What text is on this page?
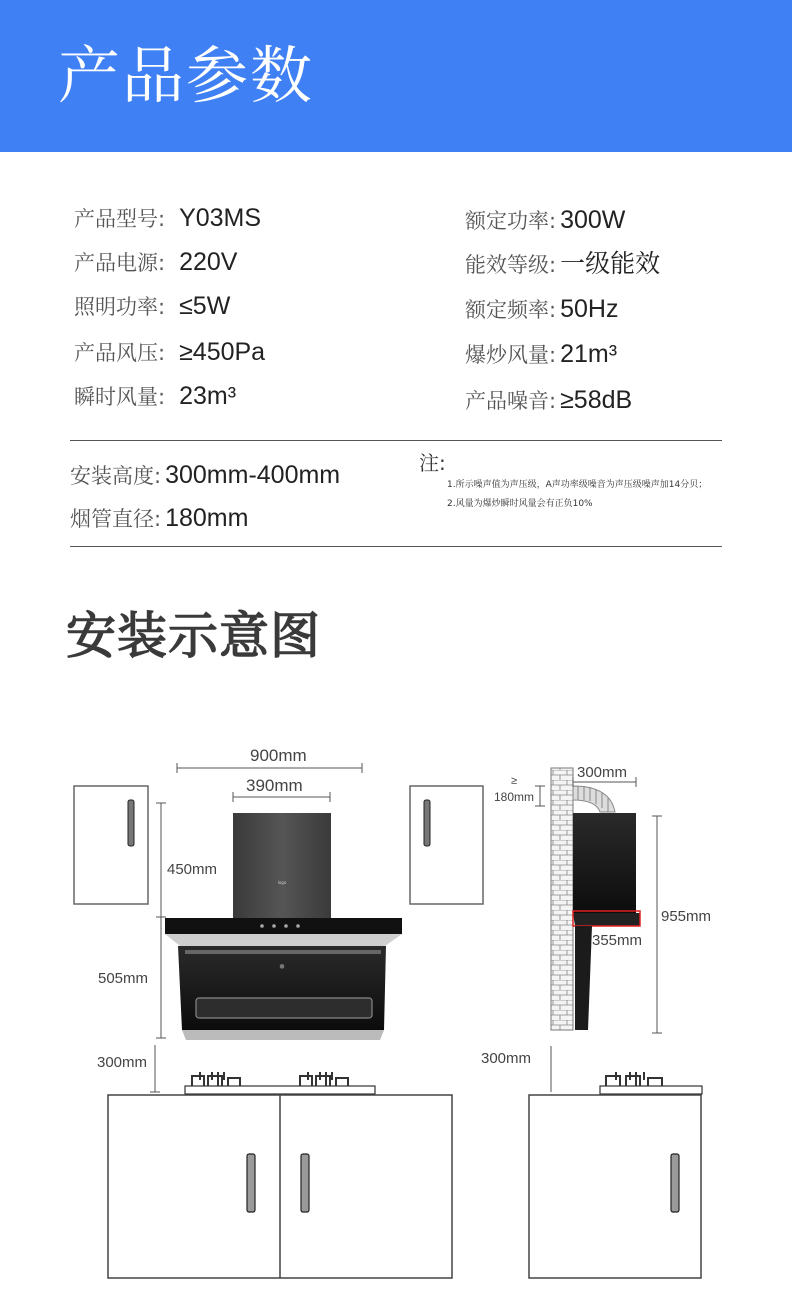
产品参数
产品型号: Y03MS
产品电源: 220V
照明功率: ≤5W
产品风压: ≥450Pa
瞬时风量: 23m³
额定功率: 300W
能效等级: 一级能效
额定频率: 50Hz
爆炒风量: 21m³
产品噪音: ≥58dB
安装高度: 300mm-400mm
烟管直径: 180mm
注:
1.所示噪声值为声压级，A声功率级噪音为声压级噪声加14分贝；
2.风量为爆炒瞬时风量会有正负10%
安装示意图
logo
●
900mm
390mm
450mm
505mm
300mm
300mm
≥
180mm
955mm
355mm
300mm
